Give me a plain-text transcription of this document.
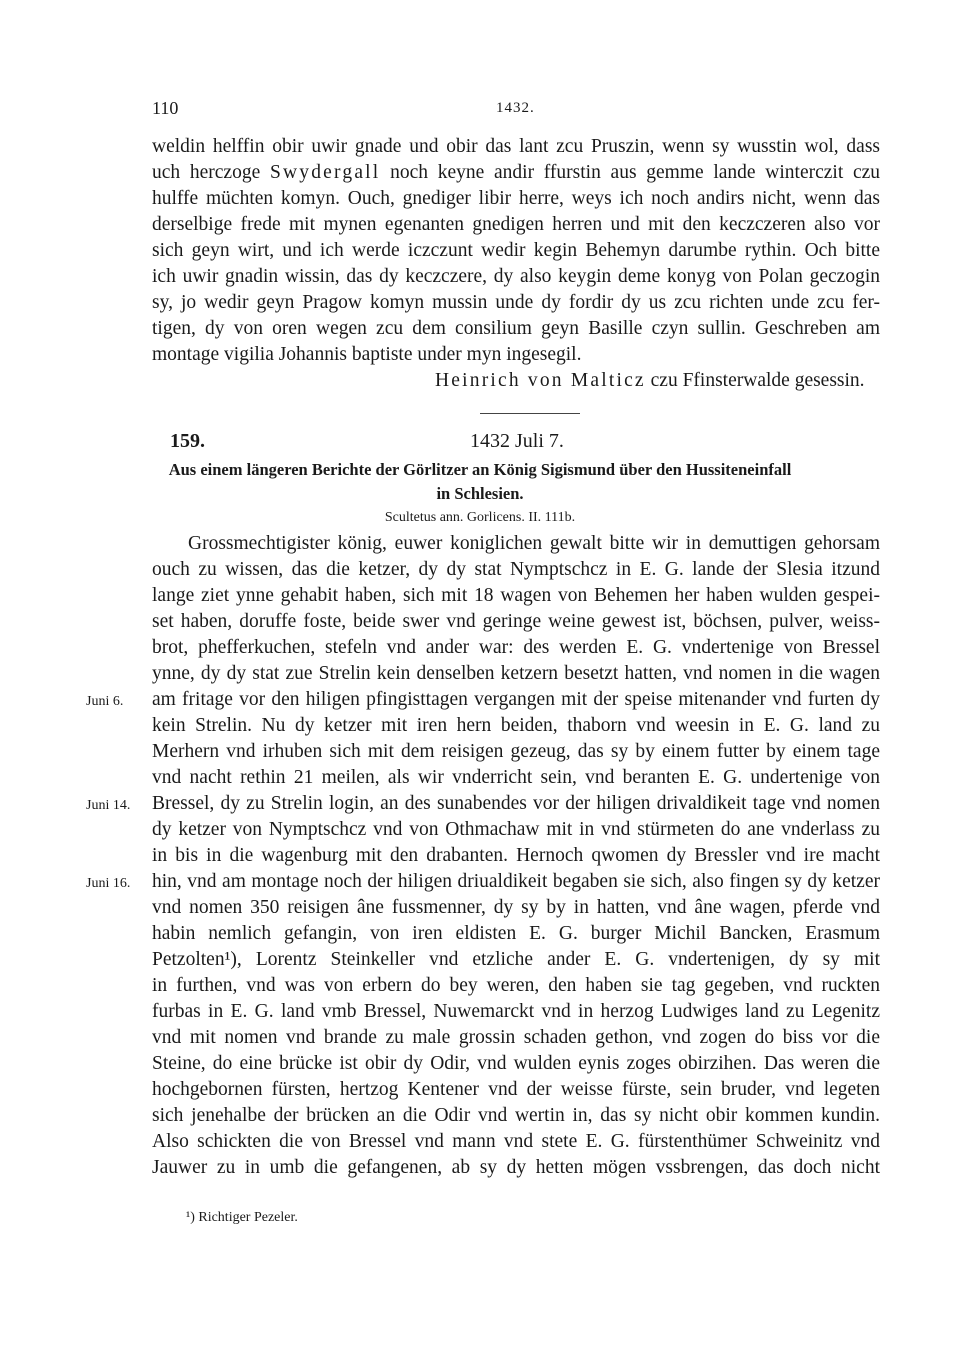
110	1432.
weldin helffin obir uwir gnade und obir das lant zcu Pruszin, wenn sy wusstin wol, dass
uch herczoge Swydergall noch keyne andir ffurstin aus gemme lande winterczit czu
hulffe müchten komyn. Ouch, gnediger libir herre, weys ich noch andirs nicht, wenn das
derselbige frede mit mynen egenanten gnedigen herren und mit den keczczeren also vor
sich geyn wirt, und ich werde iczczunt wedir kegin Behemyn darumbe rythin. Och bitte
ich uwir gnadin wissin, das dy keczczere, dy also keygin deme konyg von Polan geczogin
sy, jo wedir geyn Pragow komyn mussin unde dy fordir dy us zcu richten unde zcu fer-
tigen, dy von oren wegen zcu dem consilium geyn Basille czyn sullin. Geschreben am
montage vigilia Johannis baptiste under myn ingesegil.
Heinrich von Malticz czu Ffinsterwalde gesessin.
159.	1432 Juli 7.
Aus einem längeren Berichte der Görlitzer an König Sigismund über den Hussiteneinfall
in Schlesien.
Scultetus ann. Gorlicens. II. 111b.
Grossmechtigister könig, euwer koniglichen gewalt bitte wir in demuttigen gehorsam
ouch zu wissen, das die ketzer, dy dy stat Nymptschcz in E. G. lande der Slesia itzund
lange ziet ynne gehabit haben, sich mit 18 wagen von Behemen her haben wulden gespei-
set haben, doruffe foste, beide swer vnd geringe weine gewest ist, böchsen, pulver, weiss-
brot, phefferkuchen, stefeln vnd ander war: des werden E. G. vndertenige von Bressel
ynne, dy dy stat zue Strelin kein denselben ketzern besetzt hatten, vnd nomen in die wagen
am fritage vor den hiligen pfingisttagen vergangen mit der speise mitenander vnd furten dy
kein Strelin. Nu dy ketzer mit iren hern beiden, thaborn vnd weesin in E. G. land zu
Merhern vnd irhuben sich mit dem reisigen gezeug, das sy by einem futter by einem tage
vnd nacht rethin 21 meilen, als wir vnderricht sein, vnd beranten E. G. undertenige von
Bressel, dy zu Strelin login, an des sunabendes vor der hiligen drivaldikeit tage vnd nomen
dy ketzer von Nymptschcz vnd von Othmachaw mit in vnd stürmeten do ane vnderlass zu
in bis in die wagenburg mit den drabanten. Hernoch qwomen dy Bressler vnd ire macht
hin, vnd am montage noch der hiligen driualdikeit begaben sie sich, also fingen sy dy ketzer
vnd nomen 350 reisigen âne fussmenner, dy sy by in hatten, vnd âne wagen, pferde vnd
habin nemlich gefangin, von iren eldisten E. G. burger Michil Bancken, Erasmum
Petzolten¹), Lorentz Steinkeller vnd etzliche ander E. G. vndertenigen, dy sy mit
in furthen, vnd was von erbern do bey weren, den haben sie tag gegeben, vnd ruckten
furbas in E. G. land vmb Bressel, Nuwemarckt vnd in herzog Ludwiges land zu Legenitz
vnd mit nomen vnd brande zu male grossin schaden gethon, vnd zogen do biss vor die
Steine, do eine brücke ist obir dy Odir, vnd wulden eynis zoges obirzihen. Das weren die
hochgebornen fürsten, hertzog Kentener vnd der weisse fürste, sein bruder, vnd legeten
sich jenehalbe der brücken an die Odir vnd wertin in, das sy nicht obir kommen kundin.
Also schickten die von Bressel vnd mann vnd stete E. G. fürstenthümer Schweinitz vnd
Jauwer zu in umb die gefangenen, ab sy dy hetten mögen vssbrengen, das doch nicht
Juni 6.
Juni 14.
Juni 16.
¹) Richtiger Pezeler.
